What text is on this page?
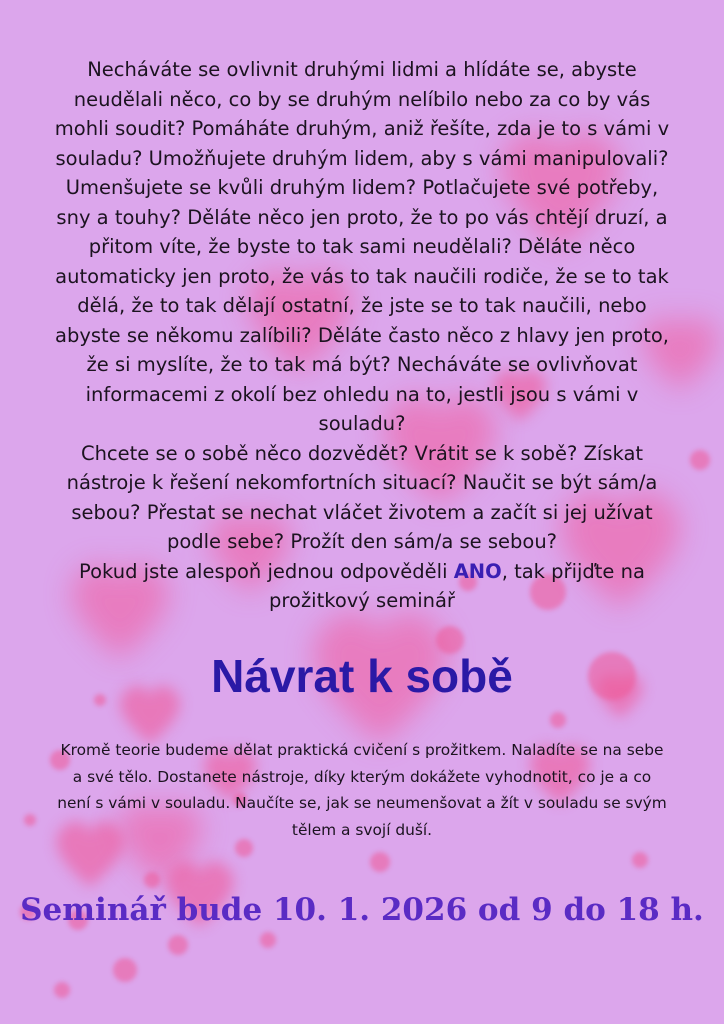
Necháváte se ovlivnit druhými lidmi a hlídáte se, abyste neudělali něco, co by se druhým nelíbilo nebo za co by vás mohli soudit? Pomáháte druhým, aniž řešíte, zda je to s vámi v souladu? Umožňujete druhým lidem, aby s vámi manipulovali? Umenšujete se kvůli druhým lidem? Potlačujete své potřeby, sny a touhy? Děláte něco jen proto, že to po vás chtějí druzí, a přitom víte, že byste to tak sami neudělali? Děláte něco automaticky jen proto, že vás to tak naučili rodiče, že se to tak dělá, že to tak dělají ostatní, že jste se to tak naučili, nebo abyste se někomu zalíbili? Děláte často něco z hlavy jen proto, že si myslíte, že to tak má být? Necháváte se ovlivňovat informacemi z okolí bez ohledu na to, jestli jsou s vámi v souladu?

Chcete se o sobě něco dozvědět? Vrátit se k sobě? Získat nástroje k řešení nekomfortních situací? Naučit se být sám/a sebou? Přestat se nechat vláčet životem a začít si jej užívat podle sebe? Prožít den sám/a se sebou?

Pokud jste alespoň jednou odpověděli ANO, tak přijďte na prožitkový seminář

Návrat k sobě

Kromě teorie budeme dělat praktická cvičení s prožitkem. Naladíte se na sebe a své tělo. Dostanete nástroje, díky kterým dokážete vyhodnotit, co je a co není s vámi v souladu. Naučíte se, jak se neumenšovat a žít v souladu se svým tělem a svojí duší.

Seminář bude 10. 1. 2026 od 9 do 18 h.
